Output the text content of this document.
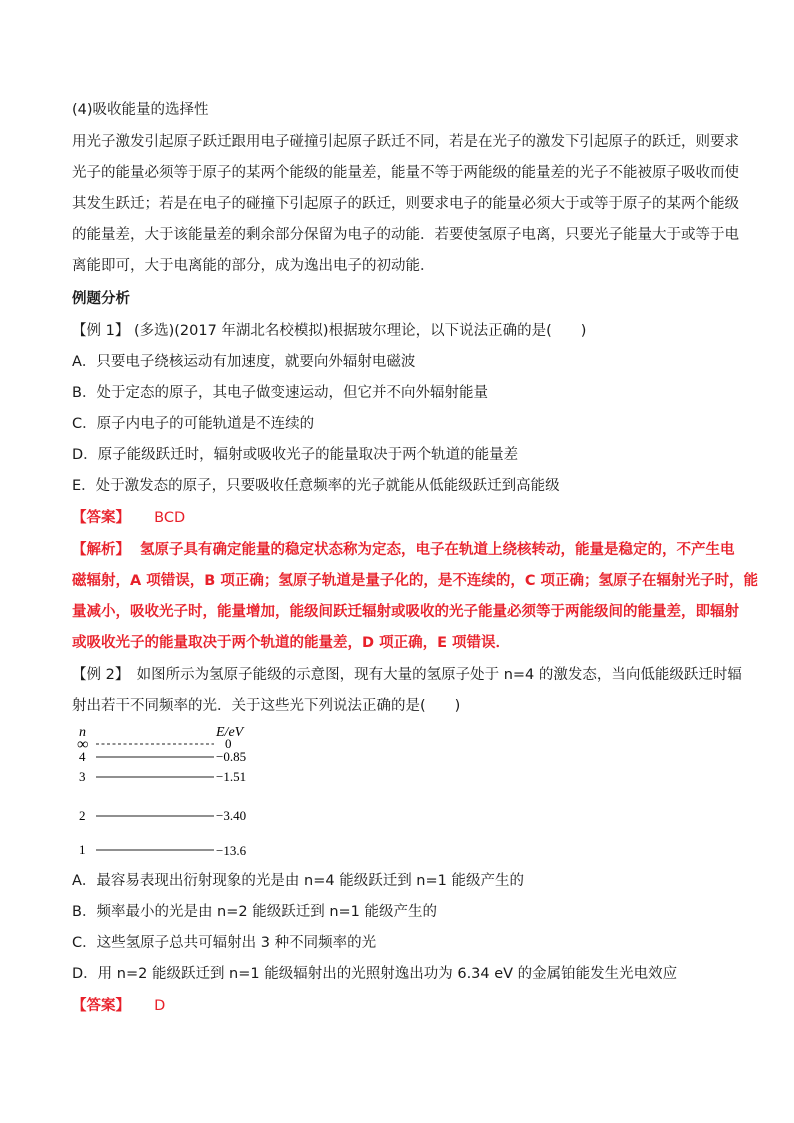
(4)吸收能量的选择性
用光子激发引起原子跃迁跟用电子碰撞引起原子跃迁不同，若是在光子的激发下引起原子的跃迁，则要求
光子的能量必须等于原子的某两个能级的能量差，能量不等于两能级的能量差的光子不能被原子吸收而使
其发生跃迁；若是在电子的碰撞下引起原子的跃迁，则要求电子的能量必须大于或等于原子的某两个能级
的能量差，大于该能量差的剩余部分保留为电子的动能．若要使氢原子电离，只要光子能量大于或等于电
离能即可，大于电离能的部分，成为逸出电子的初动能．
例题分析
【例 1】 (多选)(2017 年湖北名校模拟)根据玻尔理论，以下说法正确的是(　　)
A．只要电子绕核运动有加速度，就要向外辐射电磁波
B．处于定态的原子，其电子做变速运动，但它并不向外辐射能量
C．原子内电子的可能轨道是不连续的
D．原子能级跃迁时，辐射或吸收光子的能量取决于两个轨道的能量差
E．处于激发态的原子，只要吸收任意频率的光子就能从低能级跃迁到高能级
【答案】 BCD
【解析】 氢原子具有确定能量的稳定状态称为定态，电子在轨道上绕核转动，能量是稳定的，不产生电
磁辐射，A 项错误，B 项正确；氢原子轨道是量子化的，是不连续的，C 项正确；氢原子在辐射光子时，能
量减小，吸收光子时，能量增加，能级间跃迁辐射或吸收的光子能量必须等于两能级间的能量差，即辐射
或吸收光子的能量取决于两个轨道的能量差，D 项正确，E 项错误．
【例 2】　如图所示为氢原子能级的示意图，现有大量的氢原子处于 n=4 的激发态，当向低能级跃迁时辐
射出若干不同频率的光．关于这些光下列说法正确的是(　　)
n	E/eV
∞	0
4	−0.85
3	−1.51
2	−3.40
1	−13.6
A．最容易表现出衍射现象的光是由 n=4 能级跃迁到 n=1 能级产生的
B．频率最小的光是由 n=2 能级跃迁到 n=1 能级产生的
C．这些氢原子总共可辐射出 3 种不同频率的光
D．用 n=2 能级跃迁到 n=1 能级辐射出的光照射逸出功为 6.34 eV 的金属铂能发生光电效应
【答案】 D
